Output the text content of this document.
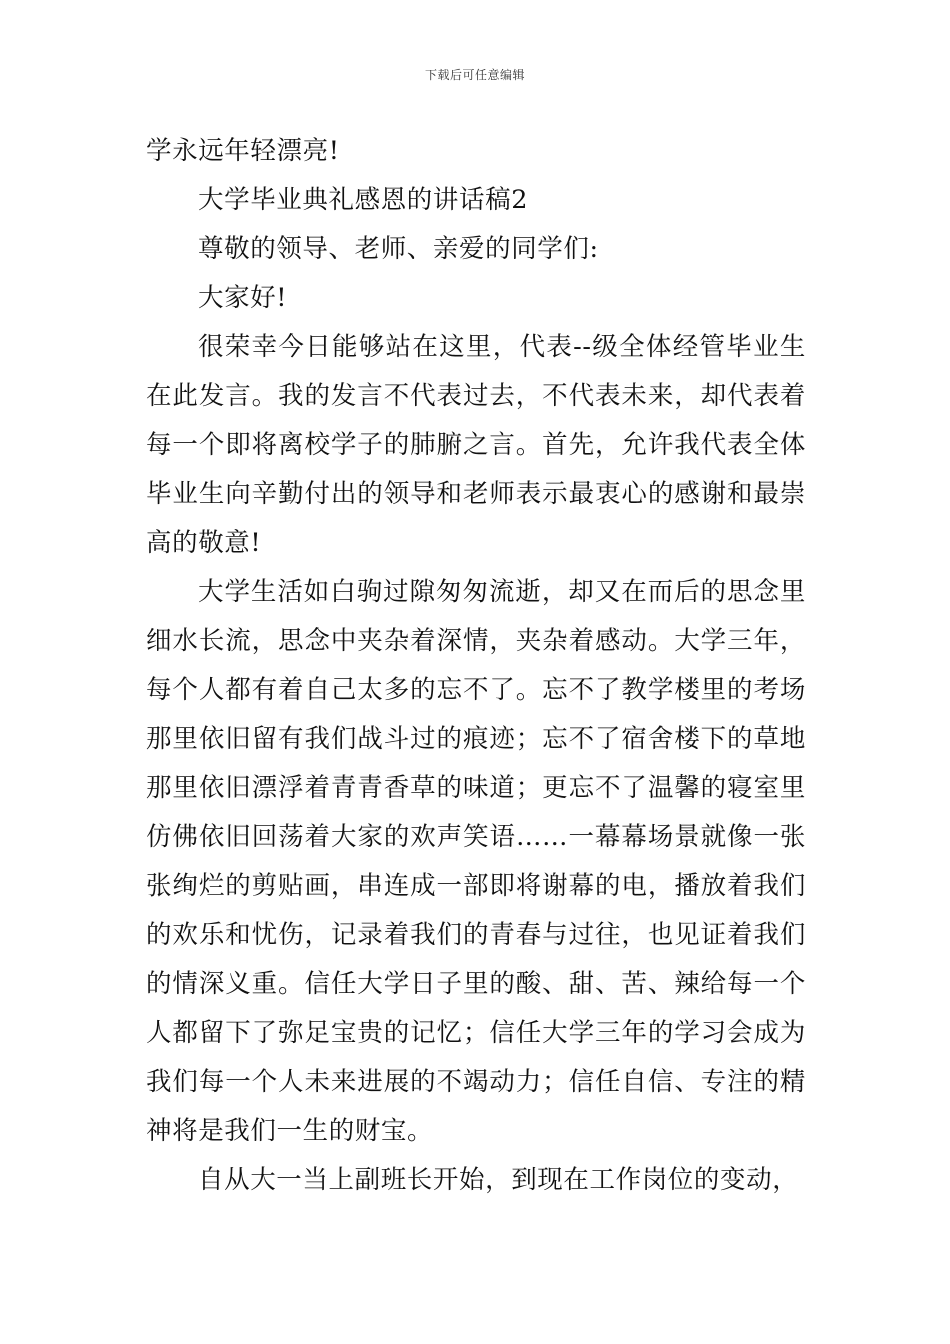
下载后可任意编辑

学永远年轻漂亮!

大学毕业典礼感恩的讲话稿2

尊敬的领导、老师、亲爱的同学们:

大家好!

很荣幸今日能够站在这里，代表--级全体经管毕业生在此发言。我的发言不代表过去，不代表未来，却代表着每一个即将离校学子的肺腑之言。首先，允许我代表全体毕业生向辛勤付出的领导和老师表示最衷心的感谢和最崇高的敬意!

大学生活如白驹过隙匆匆流逝，却又在而后的思念里细水长流，思念中夹杂着深情，夹杂着感动。大学三年，每个人都有着自己太多的忘不了。忘不了教学楼里的考场那里依旧留有我们战斗过的痕迹；忘不了宿舍楼下的草地那里依旧漂浮着青青香草的味道；更忘不了温馨的寝室里仿佛依旧回荡着大家的欢声笑语……一幕幕场景就像一张张绚烂的剪贴画，串连成一部即将谢幕的电，播放着我们的欢乐和忧伤，记录着我们的青春与过往，也见证着我们的情深义重。信任大学日子里的酸、甜、苦、辣给每一个人都留下了弥足宝贵的记忆；信任大学三年的学习会成为我们每一个人未来进展的不竭动力；信任自信、专注的精神将是我们一生的财宝。

自从大一当上副班长开始，到现在工作岗位的变动，
